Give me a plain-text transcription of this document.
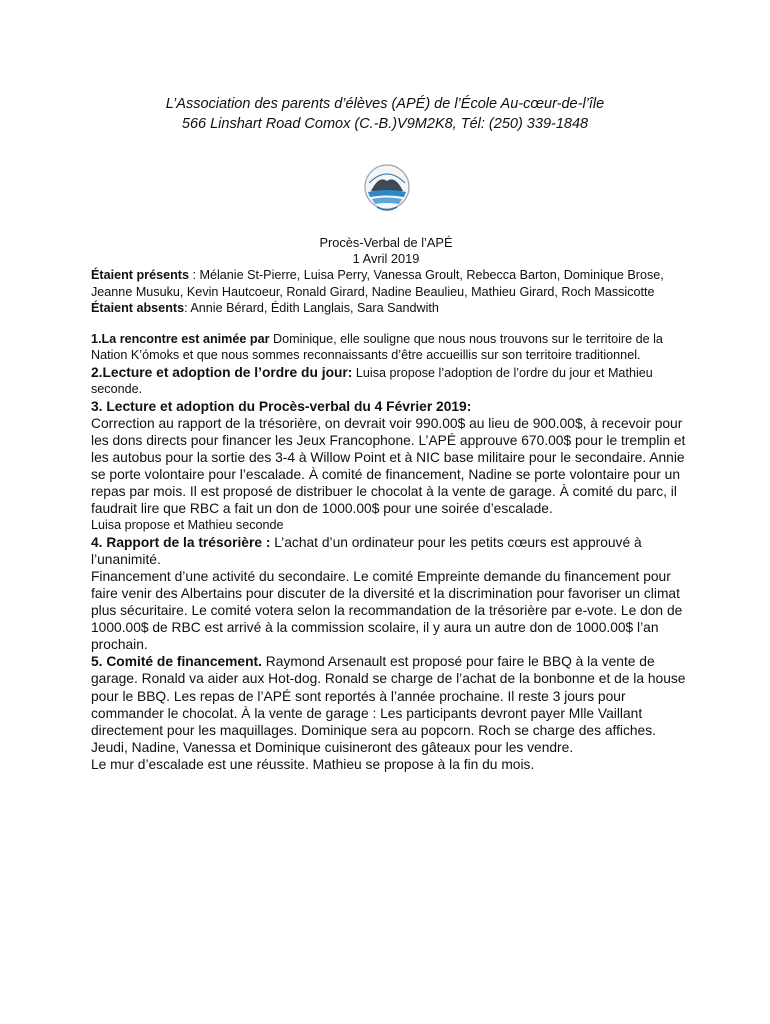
L’Association des parents d’élèves (APÉ) de l’École Au-cœur-de-l’île
566 Linshart Road Comox (C.-B.)V9M2K8, Tél: (250) 339-1848
Procès-Verbal de l’APÉ
1 Avril 2019

Étaient présents : Mélanie St-Pierre, Luisa Perry, Vanessa Groult, Rebecca Barton, Dominique Brose, Jeanne Musuku, Kevin Hautcoeur, Ronald Girard, Nadine Beaulieu, Mathieu Girard, Roch Massicotte

Étaient absents: Annie Bérard, Édith Langlais, Sara Sandwith

1.La rencontre est animée par Dominique, elle souligne que nous nous trouvons sur le territoire de la Nation K’ómoks et que nous sommes reconnaissants d’être accueillis sur son territoire traditionnel.

2.Lecture et adoption de l’ordre du jour: Luisa propose l’adoption de l’ordre du jour et Mathieu seconde.

3. Lecture et adoption du Procès-verbal du 4 Février 2019:

Correction au rapport de la trésorière, on devrait voir 990.00$ au lieu de 900.00$, à recevoir pour les dons directs pour financer les Jeux Francophone. L’APÉ approuve 670.00$ pour le tremplin et les autobus pour la sortie des 3-4 à Willow Point et à NIC base militaire pour le secondaire. Annie se porte volontaire pour l’escalade. À comité de financement, Nadine se porte volontaire pour un repas par mois. Il est proposé de distribuer le chocolat à la vente de garage. À comité du parc, il faudrait lire que RBC a fait un don de 1000.00$ pour une soirée d’escalade.

Luisa propose et Mathieu seconde

4. Rapport de la trésorière : L’achat d’un ordinateur pour les petits cœurs est approuvé à l’unanimité.

Financement d’une activité du secondaire. Le comité Empreinte demande du financement pour faire venir des Albertains pour discuter de la diversité et la discrimination pour favoriser un climat plus sécuritaire. Le comité votera selon la recommandation de la trésorière par e-vote. Le don de 1000.00$ de RBC est arrivé à la commission scolaire, il y aura un autre don de 1000.00$ l’an prochain.

5. Comité de financement. Raymond Arsenault est proposé pour faire le BBQ à la vente de garage. Ronald va aider aux Hot-dog. Ronald se charge de l’achat de la bonbonne et de la house pour le BBQ. Les repas de l’APÉ sont reportés à l’année prochaine. Il reste 3 jours pour commander le chocolat. À la vente de garage : Les participants devront payer Mlle Vaillant directement pour les maquillages. Dominique sera au popcorn. Roch se charge des affiches. Jeudi, Nadine, Vanessa et Dominique cuisineront des gâteaux pour les vendre.

Le mur d’escalade est une réussite. Mathieu se propose à la fin du mois.
